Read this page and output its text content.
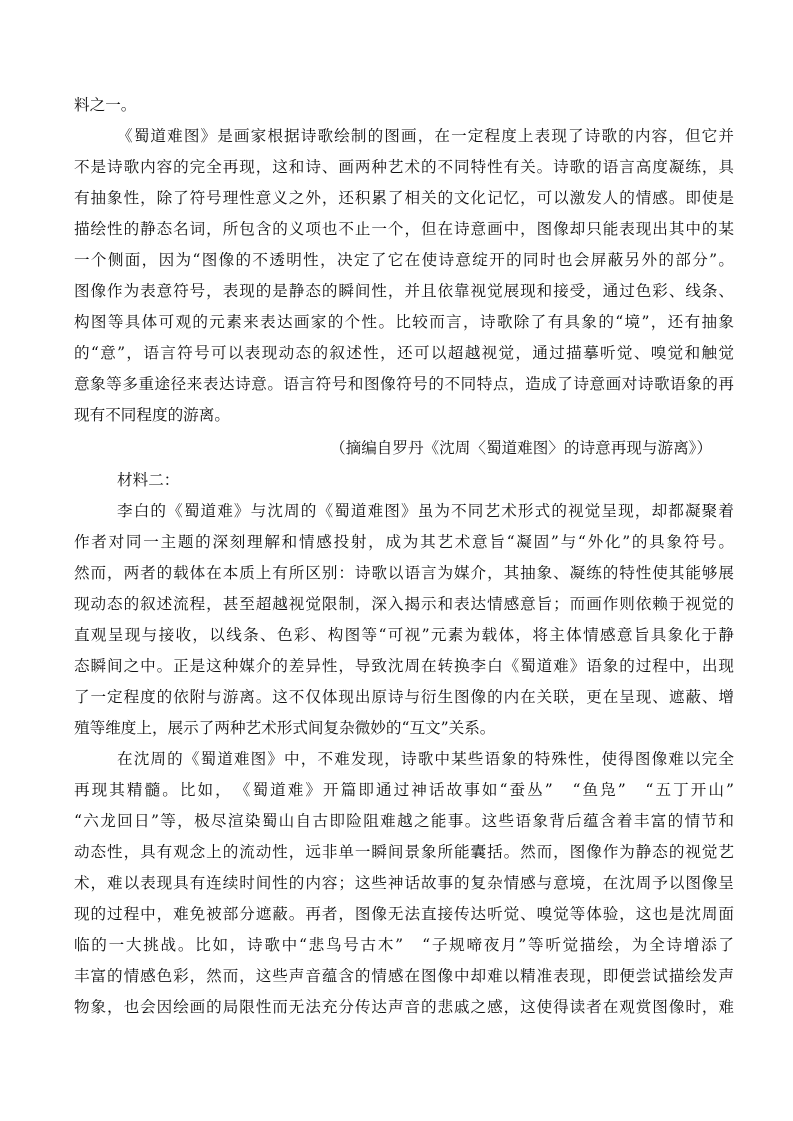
料之一。
《蜀道难图》是画家根据诗歌绘制的图画，在一定程度上表现了诗歌的内容，但它并
不是诗歌内容的完全再现，这和诗、画两种艺术的不同特性有关。诗歌的语言高度凝练，具
有抽象性，除了符号理性意义之外，还积累了相关的文化记忆，可以激发人的情感。即使是
描绘性的静态名词，所包含的义项也不止一个，但在诗意画中，图像却只能表现出其中的某
一个侧面，因为“图像的不透明性，决定了它在使诗意绽开的同时也会屏蔽另外的部分”。
图像作为表意符号，表现的是静态的瞬间性，并且依靠视觉展现和接受，通过色彩、线条、
构图等具体可观的元素来表达画家的个性。比较而言，诗歌除了有具象的“境”，还有抽象
的“意”，语言符号可以表现动态的叙述性，还可以超越视觉，通过描摹听觉、嗅觉和触觉
意象等多重途径来表达诗意。语言符号和图像符号的不同特点，造成了诗意画对诗歌语象的再
现有不同程度的游离。
（摘编自罗丹《沈周〈蜀道难图〉的诗意再现与游离》）
材料二：
李白的《蜀道难》与沈周的《蜀道难图》虽为不同艺术形式的视觉呈现，却都凝聚着
作者对同一主题的深刻理解和情感投射，成为其艺术意旨“凝固”与“外化”的具象符号。
然而，两者的载体在本质上有所区别：诗歌以语言为媒介，其抽象、凝练的特性使其能够展
现动态的叙述流程，甚至超越视觉限制，深入揭示和表达情感意旨；而画作则依赖于视觉的
直观呈现与接收，以线条、色彩、构图等“可视”元素为载体，将主体情感意旨具象化于静
态瞬间之中。正是这种媒介的差异性，导致沈周在转换李白《蜀道难》语象的过程中，出现
了一定程度的依附与游离。这不仅体现出原诗与衍生图像的内在关联，更在呈现、遮蔽、增
殖等维度上，展示了两种艺术形式间复杂微妙的“互文”关系。
在沈周的《蜀道难图》中，不难发现，诗歌中某些语象的特殊性，使得图像难以完全
再现其精髓。比如，　《蜀道难》开篇即通过神话故事如“蚕丛”　“鱼凫”　“五丁开山”
“六龙回日”等，极尽渲染蜀山自古即险阻难越之能事。这些语象背后蕴含着丰富的情节和
动态性，具有观念上的流动性，远非单一瞬间景象所能囊括。然而，图像作为静态的视觉艺
术，难以表现具有连续时间性的内容；这些神话故事的复杂情感与意境，在沈周予以图像呈
现的过程中，难免被部分遮蔽。再者，图像无法直接传达听觉、嗅觉等体验，这也是沈周面
临的一大挑战。比如，诗歌中“悲鸟号古木”　“子规啼夜月”等听觉描绘，为全诗增添了
丰富的情感色彩，然而，这些声音蕴含的情感在图像中却难以精准表现，即便尝试描绘发声
物象，也会因绘画的局限性而无法充分传达声音的悲戚之感，这使得读者在观赏图像时，难
